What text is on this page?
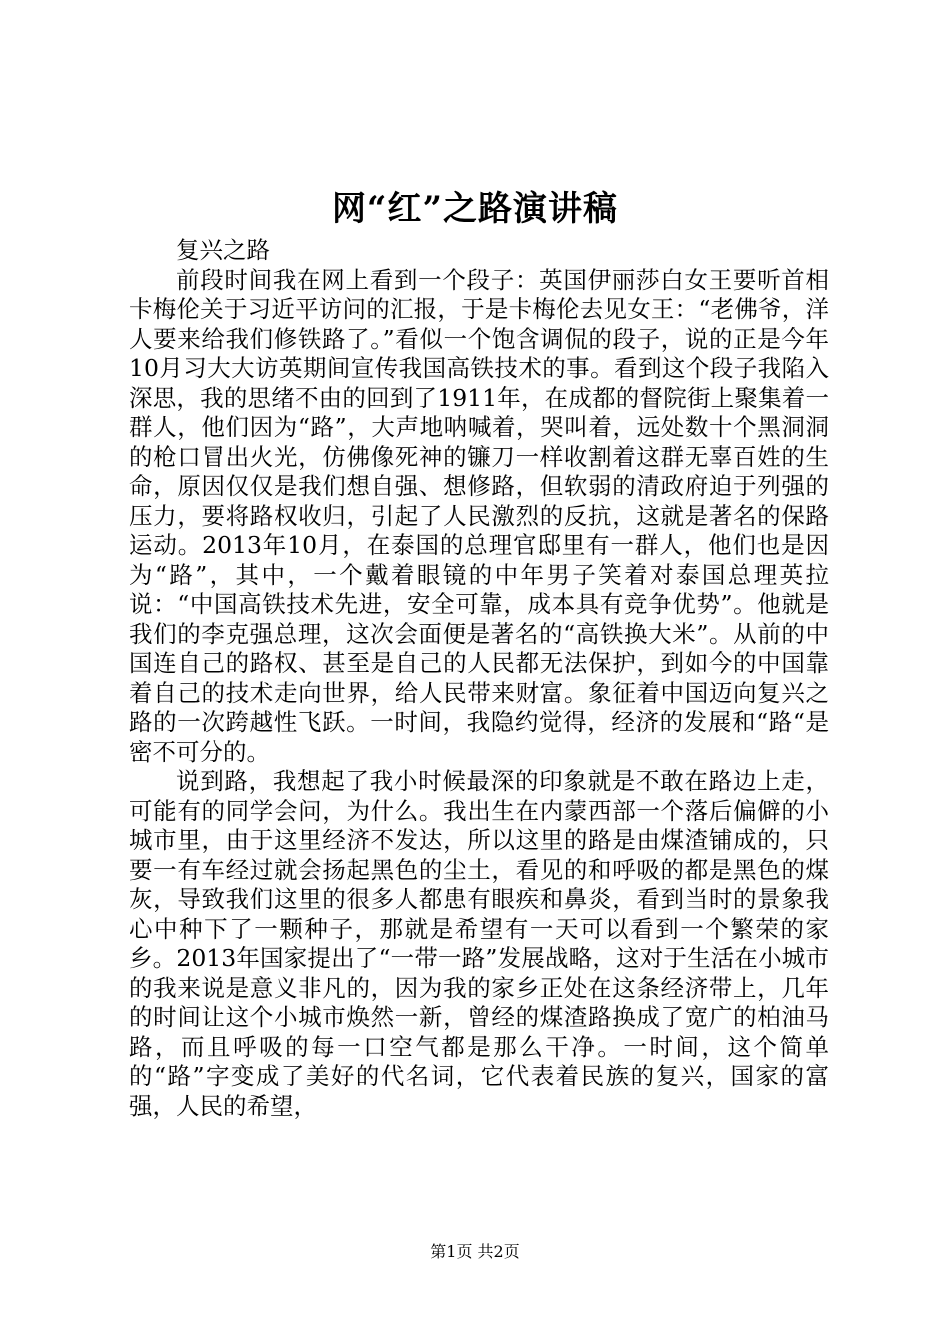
网“红”之路演讲稿

复兴之路

前段时间我在网上看到一个段子：英国伊丽莎白女王要听首相卡梅伦关于习近平访问的汇报，于是卡梅伦去见女王：“老佛爷，洋人要来给我们修铁路了。”看似一个饱含调侃的段子，说的正是今年10月习大大访英期间宣传我国高铁技术的事。看到这个段子我陷入深思，我的思绪不由的回到了1911年，在成都的督院街上聚集着一群人，他们因为“路”，大声地呐喊着，哭叫着，远处数十个黑洞洞的枪口冒出火光，仿佛像死神的镰刀一样收割着这群无辜百姓的生命，原因仅仅是我们想自强、想修路，但软弱的清政府迫于列强的压力，要将路权收归，引起了人民激烈的反抗，这就是著名的保路运动。2013年10月，在泰国的总理官邸里有一群人，他们也是因为“路”，其中，一个戴着眼镜的中年男子笑着对泰国总理英拉说：“中国高铁技术先进，安全可靠，成本具有竞争优势”。他就是我们的李克强总理，这次会面便是著名的“高铁换大米”。从前的中国连自己的路权、甚至是自己的人民都无法保护，到如今的中国靠着自己的技术走向世界，给人民带来财富。象征着中国迈向复兴之路的一次跨越性飞跃。一时间，我隐约觉得，经济的发展和“路“是密不可分的。

说到路，我想起了我小时候最深的印象就是不敢在路边上走，可能有的同学会问，为什么。我出生在内蒙西部一个落后偏僻的小城市里，由于这里经济不发达，所以这里的路是由煤渣铺成的，只要一有车经过就会扬起黑色的尘土，看见的和呼吸的都是黑色的煤灰，导致我们这里的很多人都患有眼疾和鼻炎，看到当时的景象我心中种下了一颗种子，那就是希望有一天可以看到一个繁荣的家乡。2013年国家提出了“一带一路”发展战略，这对于生活在小城市的我来说是意义非凡的，因为我的家乡正处在这条经济带上，几年的时间让这个小城市焕然一新，曾经的煤渣路换成了宽广的柏油马路，而且呼吸的每一口空气都是那么干净。一时间，这个简单的“路”字变成了美好的代名词，它代表着民族的复兴，国家的富强，人民的希望，

第1页 共2页
